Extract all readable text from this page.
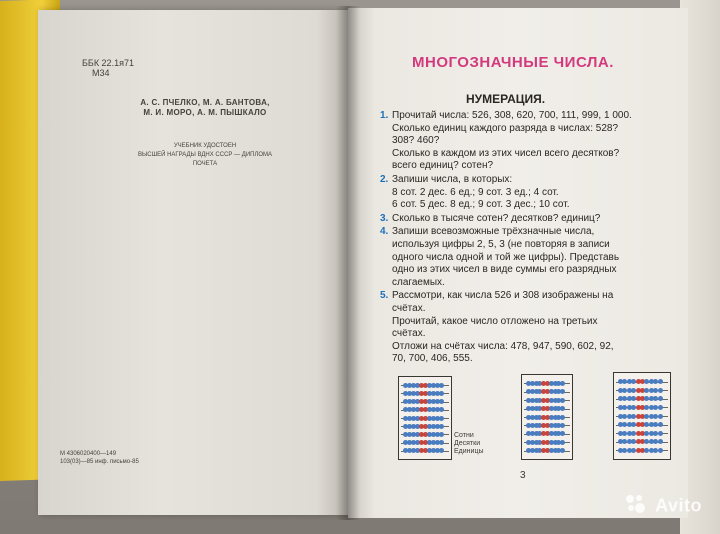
ББК 22.1я71
М34
А. С. ПЧЕЛКО, М. А. БАНТОВА,
М. И. МОРО, А. М. ПЫШКАЛО
УЧЕБНИК УДОСТОЕН
ВЫСШЕЙ НАГРАДЫ ВДНХ СССР — ДИПЛОМА ПОЧЕТА
М 4306020400—149
103(03)—85 инф. письмо-85
МНОГОЗНАЧНЫЕ ЧИСЛА.
НУМЕРАЦИЯ.
1. Прочитай числа: 526, 308, 620, 700, 111, 999, 1 000.
Сколько единиц каждого разряда в числах: 528?
308? 460?
Сколько в каждом из этих чисел всего десятков?
всего единиц? сотен?
2. Запиши числа, в которых:
8 сот. 2 дес. 6 ед.; 9 сот. 3 ед.; 4 сот.
6 сот. 5 дес. 8 ед.; 9 сот. 3 дес.; 10 сот.
3. Сколько в тысяче сотен? десятков? единиц?
4. Запиши всевозможные трёхзначные числа,
используя цифры 2, 5, 3 (не повторяя в записи
одного числа одной и той же цифры). Представь
одно из этих чисел в виде суммы его разрядных
слагаемых.
5. Рассмотри, как числа 526 и 308 изображены на
счётах.
Прочитай, какое число отложено на третьих
счётах.
Отложи на счётах числа: 478, 947, 590, 602, 92,
70, 700, 406, 555.
Сотни
Десятки
Единицы
3
Avito
